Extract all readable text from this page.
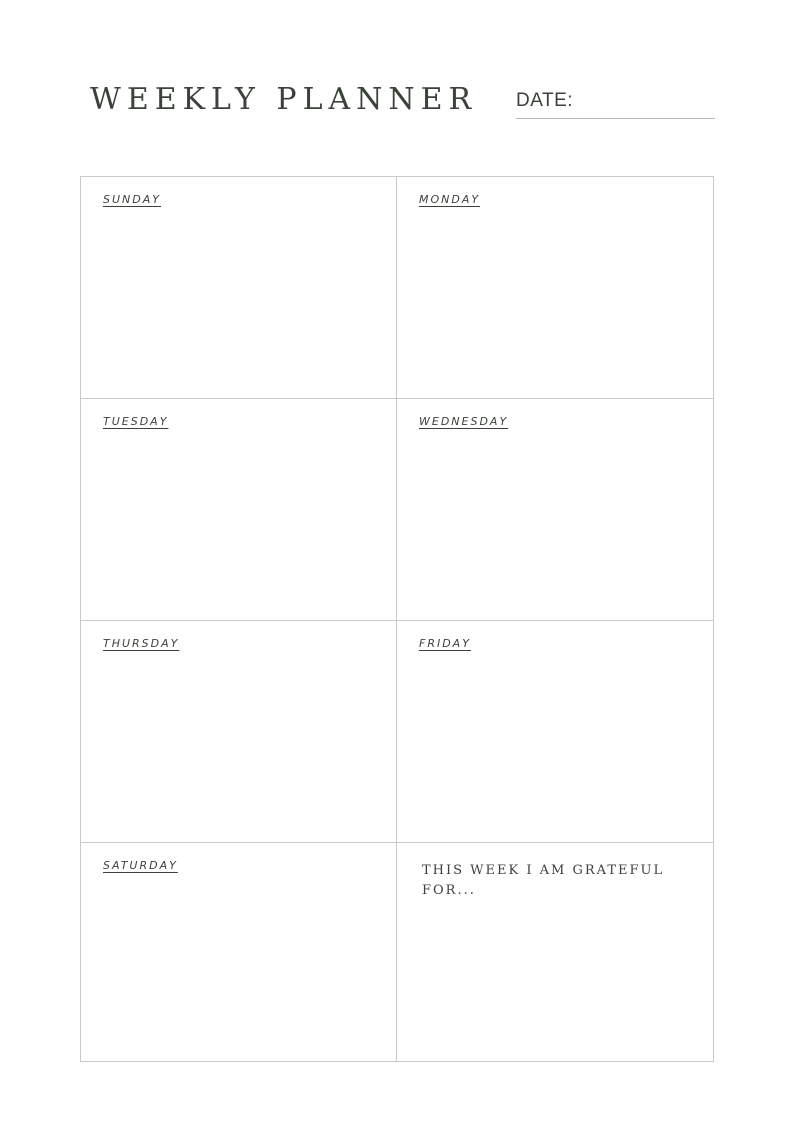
WEEKLY PLANNER DATE:
SUNDAY	MONDAY
TUESDAY	WEDNESDAY
THURSDAY	FRIDAY
SATURDAY	THIS WEEK I AM GRATEFUL FOR...
